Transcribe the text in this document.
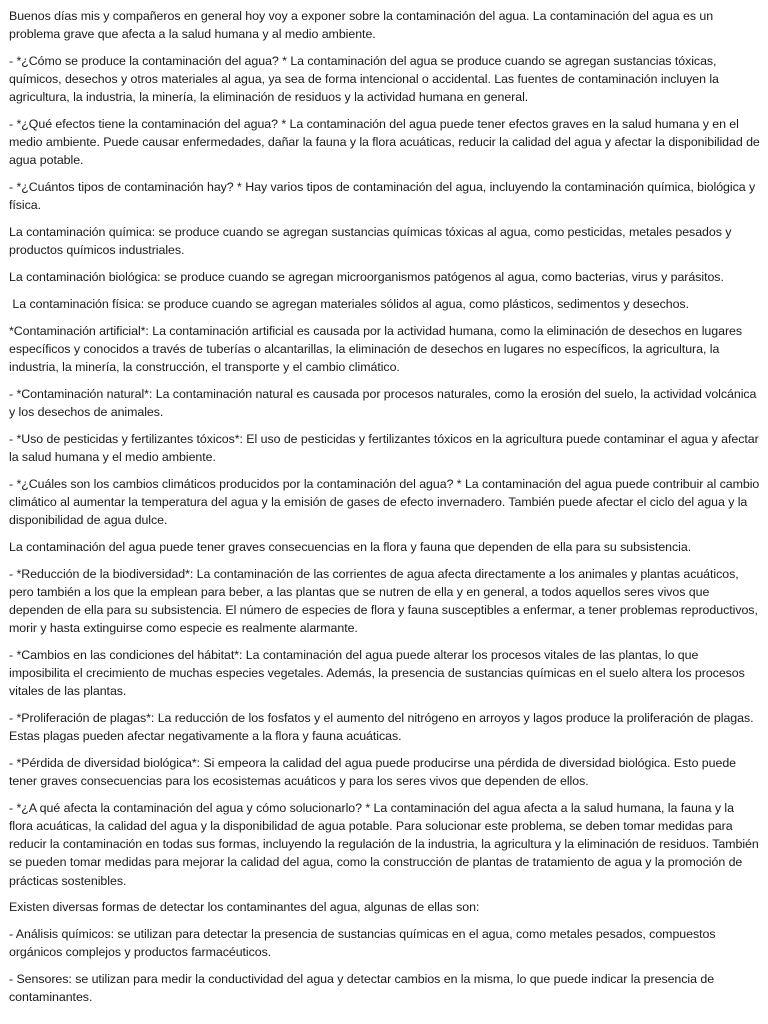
Buenos días mis y compañeros en general hoy voy a exponer sobre la contaminación del agua. La contaminación del agua es un problema grave que afecta a la salud humana y al medio ambiente.

- *¿Cómo se produce la contaminación del agua? * La contaminación del agua se produce cuando se agregan sustancias tóxicas, químicos, desechos y otros materiales al agua, ya sea de forma intencional o accidental. Las fuentes de contaminación incluyen la agricultura, la industria, la minería, la eliminación de residuos y la actividad humana en general.

- *¿Qué efectos tiene la contaminación del agua? * La contaminación del agua puede tener efectos graves en la salud humana y en el medio ambiente. Puede causar enfermedades, dañar la fauna y la flora acuáticas, reducir la calidad del agua y afectar la disponibilidad de agua potable.

- *¿Cuántos tipos de contaminación hay? * Hay varios tipos de contaminación del agua, incluyendo la contaminación química, biológica y física.

La contaminación química: se produce cuando se agregan sustancias químicas tóxicas al agua, como pesticidas, metales pesados y productos químicos industriales.

La contaminación biológica: se produce cuando se agregan microorganismos patógenos al agua, como bacterias, virus y parásitos.

La contaminación física: se produce cuando se agregan materiales sólidos al agua, como plásticos, sedimentos y desechos.

*Contaminación artificial*: La contaminación artificial es causada por la actividad humana, como la eliminación de desechos en lugares específicos y conocidos a través de tuberías o alcantarillas, la eliminación de desechos en lugares no específicos, la agricultura, la industria, la minería, la construcción, el transporte y el cambio climático.

- *Contaminación natural*: La contaminación natural es causada por procesos naturales, como la erosión del suelo, la actividad volcánica y los desechos de animales.

- *Uso de pesticidas y fertilizantes tóxicos*: El uso de pesticidas y fertilizantes tóxicos en la agricultura puede contaminar el agua y afectar la salud humana y el medio ambiente.

- *¿Cuáles son los cambios climáticos producidos por la contaminación del agua? * La contaminación del agua puede contribuir al cambio climático al aumentar la temperatura del agua y la emisión de gases de efecto invernadero. También puede afectar el ciclo del agua y la disponibilidad de agua dulce.

La contaminación del agua puede tener graves consecuencias en la flora y fauna que dependen de ella para su subsistencia.

- *Reducción de la biodiversidad*: La contaminación de las corrientes de agua afecta directamente a los animales y plantas acuáticos, pero también a los que la emplean para beber, a las plantas que se nutren de ella y en general, a todos aquellos seres vivos que dependen de ella para su subsistencia. El número de especies de flora y fauna susceptibles a enfermar, a tener problemas reproductivos, morir y hasta extinguirse como especie es realmente alarmante.

- *Cambios en las condiciones del hábitat*: La contaminación del agua puede alterar los procesos vitales de las plantas, lo que imposibilita el crecimiento de muchas especies vegetales. Además, la presencia de sustancias químicas en el suelo altera los procesos vitales de las plantas.

- *Proliferación de plagas*: La reducción de los fosfatos y el aumento del nitrógeno en arroyos y lagos produce la proliferación de plagas. Estas plagas pueden afectar negativamente a la flora y fauna acuáticas.

- *Pérdida de diversidad biológica*: Si empeora la calidad del agua puede producirse una pérdida de diversidad biológica. Esto puede tener graves consecuencias para los ecosistemas acuáticos y para los seres vivos que dependen de ellos.

- *¿A qué afecta la contaminación del agua y cómo solucionarlo? * La contaminación del agua afecta a la salud humana, la fauna y la flora acuáticas, la calidad del agua y la disponibilidad de agua potable. Para solucionar este problema, se deben tomar medidas para reducir la contaminación en todas sus formas, incluyendo la regulación de la industria, la agricultura y la eliminación de residuos. También se pueden tomar medidas para mejorar la calidad del agua, como la construcción de plantas de tratamiento de agua y la promoción de prácticas sostenibles.

Existen diversas formas de detectar los contaminantes del agua, algunas de ellas son:

- Análisis químicos: se utilizan para detectar la presencia de sustancias químicas en el agua, como metales pesados, compuestos orgánicos complejos y productos farmacéuticos.

- Sensores: se utilizan para medir la conductividad del agua y detectar cambios en la misma, lo que puede indicar la presencia de contaminantes.
